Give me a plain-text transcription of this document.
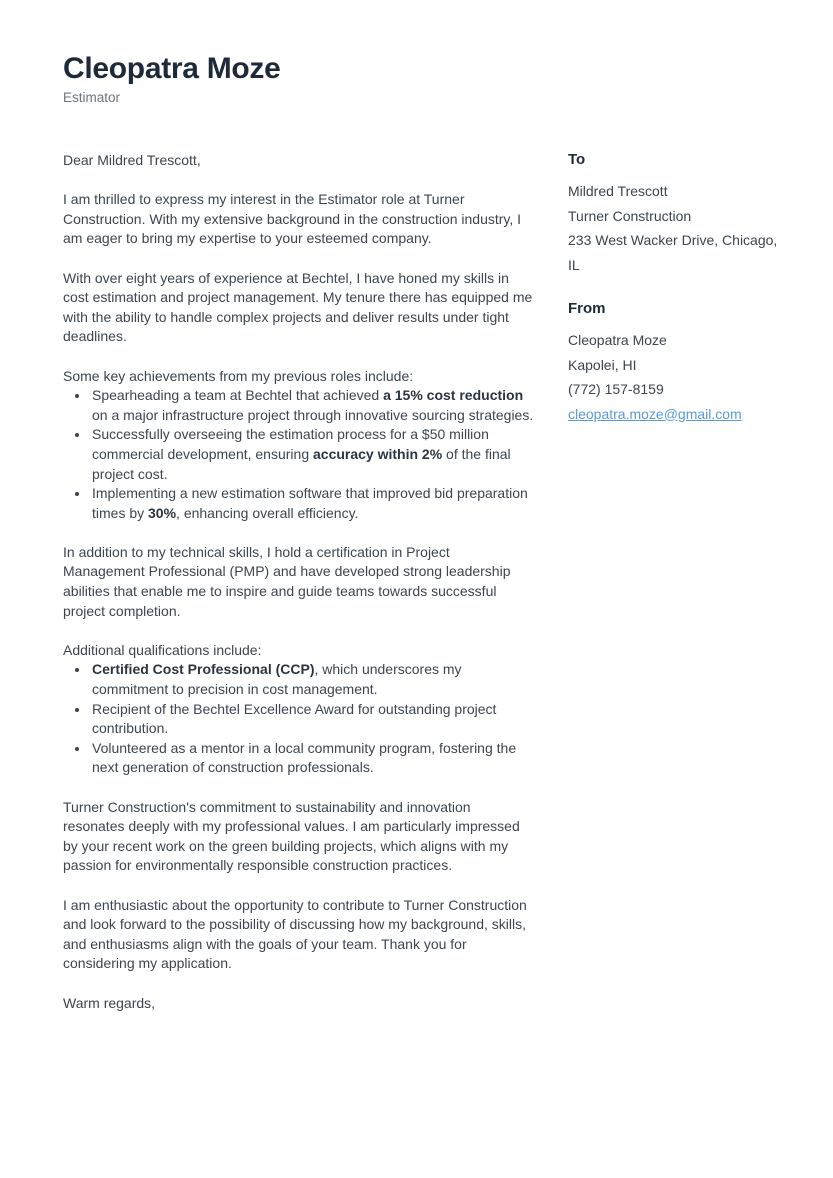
Cleopatra Moze
Estimator

Dear Mildred Trescott,

I am thrilled to express my interest in the Estimator role at Turner Construction. With my extensive background in the construction industry, I am eager to bring my expertise to your esteemed company.

With over eight years of experience at Bechtel, I have honed my skills in cost estimation and project management. My tenure there has equipped me with the ability to handle complex projects and deliver results under tight deadlines.

Some key achievements from my previous roles include:

• Spearheading a team at Bechtel that achieved a 15% cost reduction on a major infrastructure project through innovative sourcing strategies.
• Successfully overseeing the estimation process for a $50 million commercial development, ensuring accuracy within 2% of the final project cost.
• Implementing a new estimation software that improved bid preparation times by 30%, enhancing overall efficiency.

In addition to my technical skills, I hold a certification in Project Management Professional (PMP) and have developed strong leadership abilities that enable me to inspire and guide teams towards successful project completion.

Additional qualifications include:

• Certified Cost Professional (CCP), which underscores my commitment to precision in cost management.
• Recipient of the Bechtel Excellence Award for outstanding project contribution.
• Volunteered as a mentor in a local community program, fostering the next generation of construction professionals.

Turner Construction's commitment to sustainability and innovation resonates deeply with my professional values. I am particularly impressed by your recent work on the green building projects, which aligns with my passion for environmentally responsible construction practices.

I am enthusiastic about the opportunity to contribute to Turner Construction and look forward to the possibility of discussing how my background, skills, and enthusiasms align with the goals of your team. Thank you for considering my application.

Warm regards,

To
Mildred Trescott
Turner Construction
233 West Wacker Drive, Chicago, IL
From
Cleopatra Moze
Kapolei, HI
(772) 157-8159
cleopatra.moze@gmail.com
